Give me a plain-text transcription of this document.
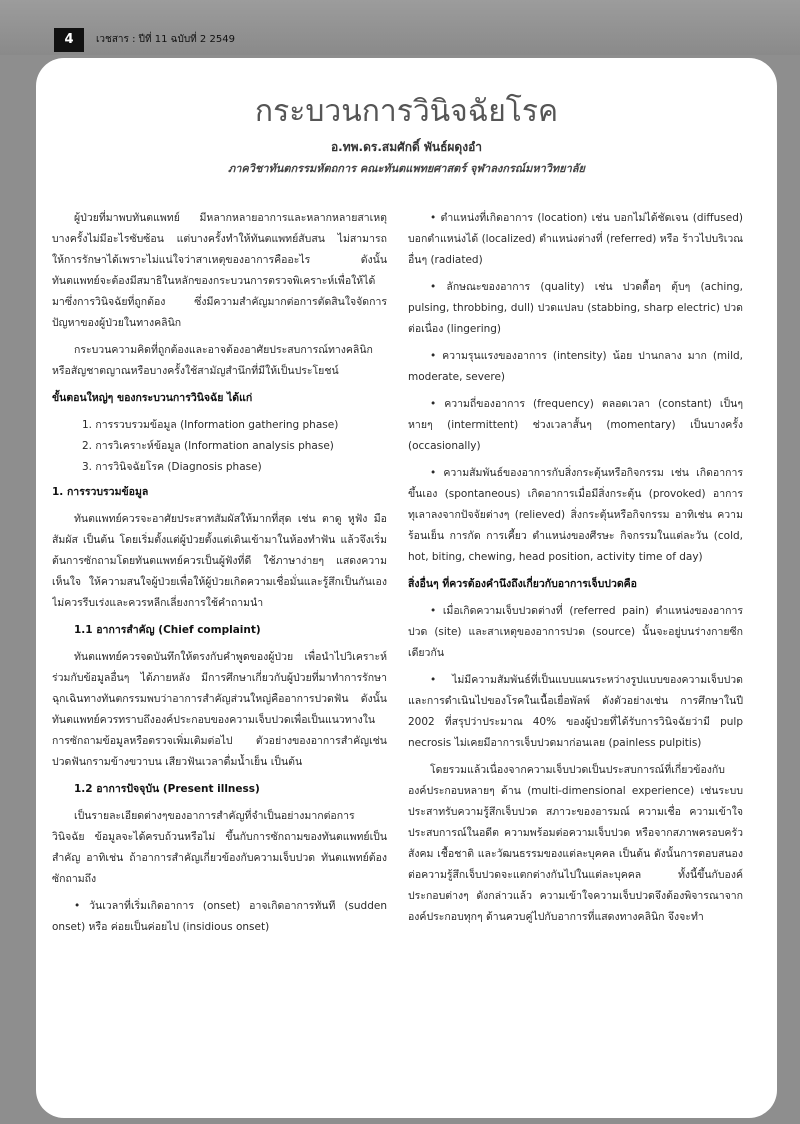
4	เวชสาร : ปีที่ 11 ฉบับที่ 2 2549
กระบวนการวินิจฉัยโรค
อ.ทพ.ดร.สมศักดิ์ พันธ์ผดุงอำ
ภาควิชาทันตกรรมหัตถการ คณะทันตแพทยศาสตร์ จุฬาลงกรณ์มหาวิทยาลัย

ผู้ป่วยที่มาพบทันตแพทย์ มีหลากหลายอาการและหลากหลายสาเหตุ บางครั้งไม่มีอะไรซับซ้อน แต่บางครั้งทำให้ทันตแพทย์สับสน ไม่สามารถให้การรักษาได้เพราะไม่แน่ใจว่าสาเหตุของอาการคืออะไร ดังนั้นทันตแพทย์จะต้องมีสมาธิในหลักของกระบวนการตรวจพิเคราะห์เพื่อให้ได้มาซึ่งการวินิจฉัยที่ถูกต้อง ซึ่งมีความสำคัญมากต่อการตัดสินใจจัดการปัญหาของผู้ป่วยในทางคลินิก

กระบวนความคิดที่ถูกต้องและอาจต้องอาศัยประสบการณ์ทางคลินิกหรือสัญชาตญาณหรือบางครั้งใช้สามัญสำนึกที่มีให้เป็นประโยชน์

ขั้นตอนใหญ่ๆ ของกระบวนการวินิจฉัย ได้แก่

1. การรวบรวมข้อมูล (Information gathering phase)
2. การวิเคราะห์ข้อมูล (Information analysis phase)
3. การวินิจฉัยโรค (Diagnosis phase)

1. การรวบรวมข้อมูล

ทันตแพทย์ควรจะอาศัยประสาทสัมผัสให้มากที่สุด เช่น ตาดู หูฟัง มือสัมผัส เป็นต้น โดยเริ่มตั้งแต่ผู้ป่วยตั้งแต่เดินเข้ามาในห้องทำฟัน แล้วจึงเริ่มต้นการซักถามโดยทันตแพทย์ควรเป็นผู้ฟังที่ดี ใช้ภาษาง่ายๆ แสดงความเห็นใจ ให้ความสนใจผู้ป่วยเพื่อให้ผู้ป่วยเกิดความเชื่อมั่นและรู้สึกเป็นกันเอง ไม่ควรรีบเร่งและควรหลีกเลี่ยงการใช้คำถามนำ

1.1 อาการสำคัญ (Chief complaint)

ทันตแพทย์ควรจดบันทึกให้ตรงกับคำพูดของผู้ป่วย เพื่อนำไปวิเคราะห์ร่วมกับข้อมูลอื่นๆ ได้ภายหลัง มีการศึกษาเกี่ยวกับผู้ป่วยที่มาทำการรักษาฉุกเฉินทางทันตกรรมพบว่าอาการสำคัญส่วนใหญ่คืออาการปวดฟัน ดังนั้นทันตแพทย์ควรทราบถึงองค์ประกอบของความเจ็บปวดเพื่อเป็นแนวทางในการซักถามข้อมูลหรือตรวจเพิ่มเติมต่อไป ตัวอย่างของอาการสำคัญเช่น ปวดฟันกรามข้างขวาบน เสียวฟันเวลาดื่มน้ำเย็น เป็นต้น

1.2 อาการปัจจุบัน (Present illness)

เป็นรายละเอียดต่างๆของอาการสำคัญที่จำเป็นอย่างมากต่อการวินิจฉัย ข้อมูลจะได้ครบถ้วนหรือไม่ ขึ้นกับการซักถามของทันตแพทย์เป็นสำคัญ อาทิเช่น ถ้าอาการสำคัญเกี่ยวข้องกับความเจ็บปวด ทันตแพทย์ต้องซักถามถึง

• วันเวลาที่เริ่มเกิดอาการ (onset) อาจเกิดอาการทันที (sudden onset) หรือ ค่อยเป็นค่อยไป (insidious onset)

• ตำแหน่งที่เกิดอาการ (location) เช่น บอกไม่ได้ชัดเจน (diffused) บอกตำแหน่งได้ (localized) ตำแหน่งต่างที่ (referred) หรือ ร้าวไปบริเวณอื่นๆ (radiated)

• ลักษณะของอาการ (quality) เช่น ปวดตื้อๆ ตุ้บๆ (aching, pulsing, throbbing, dull) ปวดแปลบ (stabbing, sharp electric) ปวดต่อเนื่อง (lingering)

• ความรุนแรงของอาการ (intensity) น้อย ปานกลาง มาก (mild, moderate, severe)

• ความถี่ของอาการ (frequency) ตลอดเวลา (constant) เป็นๆ หายๆ (intermittent) ช่วงเวลาสั้นๆ (momentary) เป็นบางครั้ง (occasionally)

• ความสัมพันธ์ของอาการกับสิ่งกระตุ้นหรือกิจกรรม เช่น เกิดอาการขึ้นเอง (spontaneous) เกิดอาการเมื่อมีสิ่งกระตุ้น (provoked) อาการทุเลาลงจากปัจจัยต่างๆ (relieved) สิ่งกระตุ้นหรือกิจกรรม อาทิเช่น ความร้อนเย็น การกัด การเคี้ยว ตำแหน่งของศีรษะ กิจกรรมในแต่ละวัน (cold, hot, biting, chewing, head position, activity time of day)

สิ่งอื่นๆ ที่ควรต้องคำนึงถึงเกี่ยวกับอาการเจ็บปวดคือ

• เมื่อเกิดความเจ็บปวดต่างที่ (referred pain) ตำแหน่งของอาการปวด (site) และสาเหตุของอาการปวด (source) นั้นจะอยู่บนร่างกายซีกเดียวกัน

• ไม่มีความสัมพันธ์ที่เป็นแบบแผนระหว่างรูปแบบของความเจ็บปวดและการดำเนินไปของโรคในเนื้อเยื่อพัลพ์ ดังตัวอย่างเช่น การศึกษาในปี 2002 ที่สรุปว่าประมาณ 40% ของผู้ป่วยที่ได้รับการวินิจฉัยว่ามี pulp necrosis ไม่เคยมีอาการเจ็บปวดมาก่อนเลย (painless pulpitis)

โดยรวมแล้วเนื่องจากความเจ็บปวดเป็นประสบการณ์ที่เกี่ยวข้องกับองค์ประกอบหลายๆ ด้าน (multi-dimensional experience) เช่นระบบประสาทรับความรู้สึกเจ็บปวด สภาวะของอารมณ์ ความเชื่อ ความเข้าใจ ประสบการณ์ในอดีต ความพร้อมต่อความเจ็บปวด หรือจากสภาพครอบครัวสังคม เชื้อชาติ และวัฒนธรรมของแต่ละบุคคล เป็นต้น ดังนั้นการตอบสนองต่อความรู้สึกเจ็บปวดจะแตกต่างกันไปในแต่ละบุคคล ทั้งนี้ขึ้นกับองค์ประกอบต่างๆ ดังกล่าวแล้ว ความเข้าใจความเจ็บปวดจึงต้องพิจารณาจากองค์ประกอบทุกๆ ด้านควบคู่ไปกับอาการที่แสดงทางคลินิก จึงจะทำ
